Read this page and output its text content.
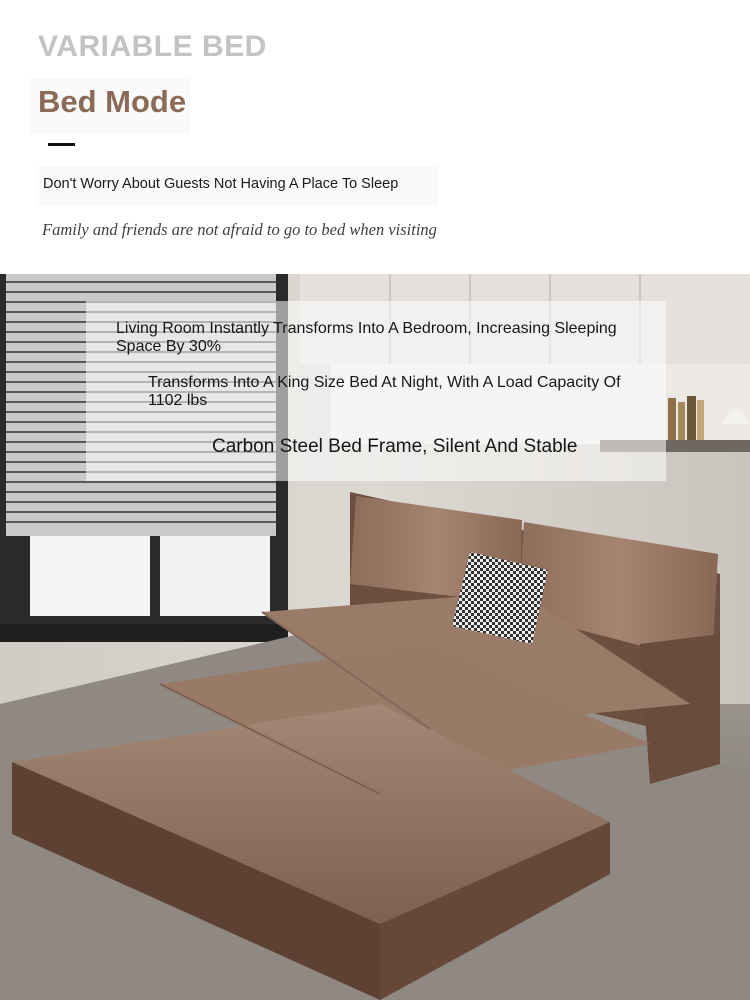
VARIABLE BED
Bed Mode
Don't Worry About Guests Not Having A Place To Sleep
Family and friends are not afraid to go to bed when visiting
Living Room Instantly Transforms Into A Bedroom, Increasing Sleeping Space By 30%
Transforms Into A King Size Bed At Night, With A Load Capacity Of 1102 lbs
Carbon Steel Bed Frame, Silent And Stable
